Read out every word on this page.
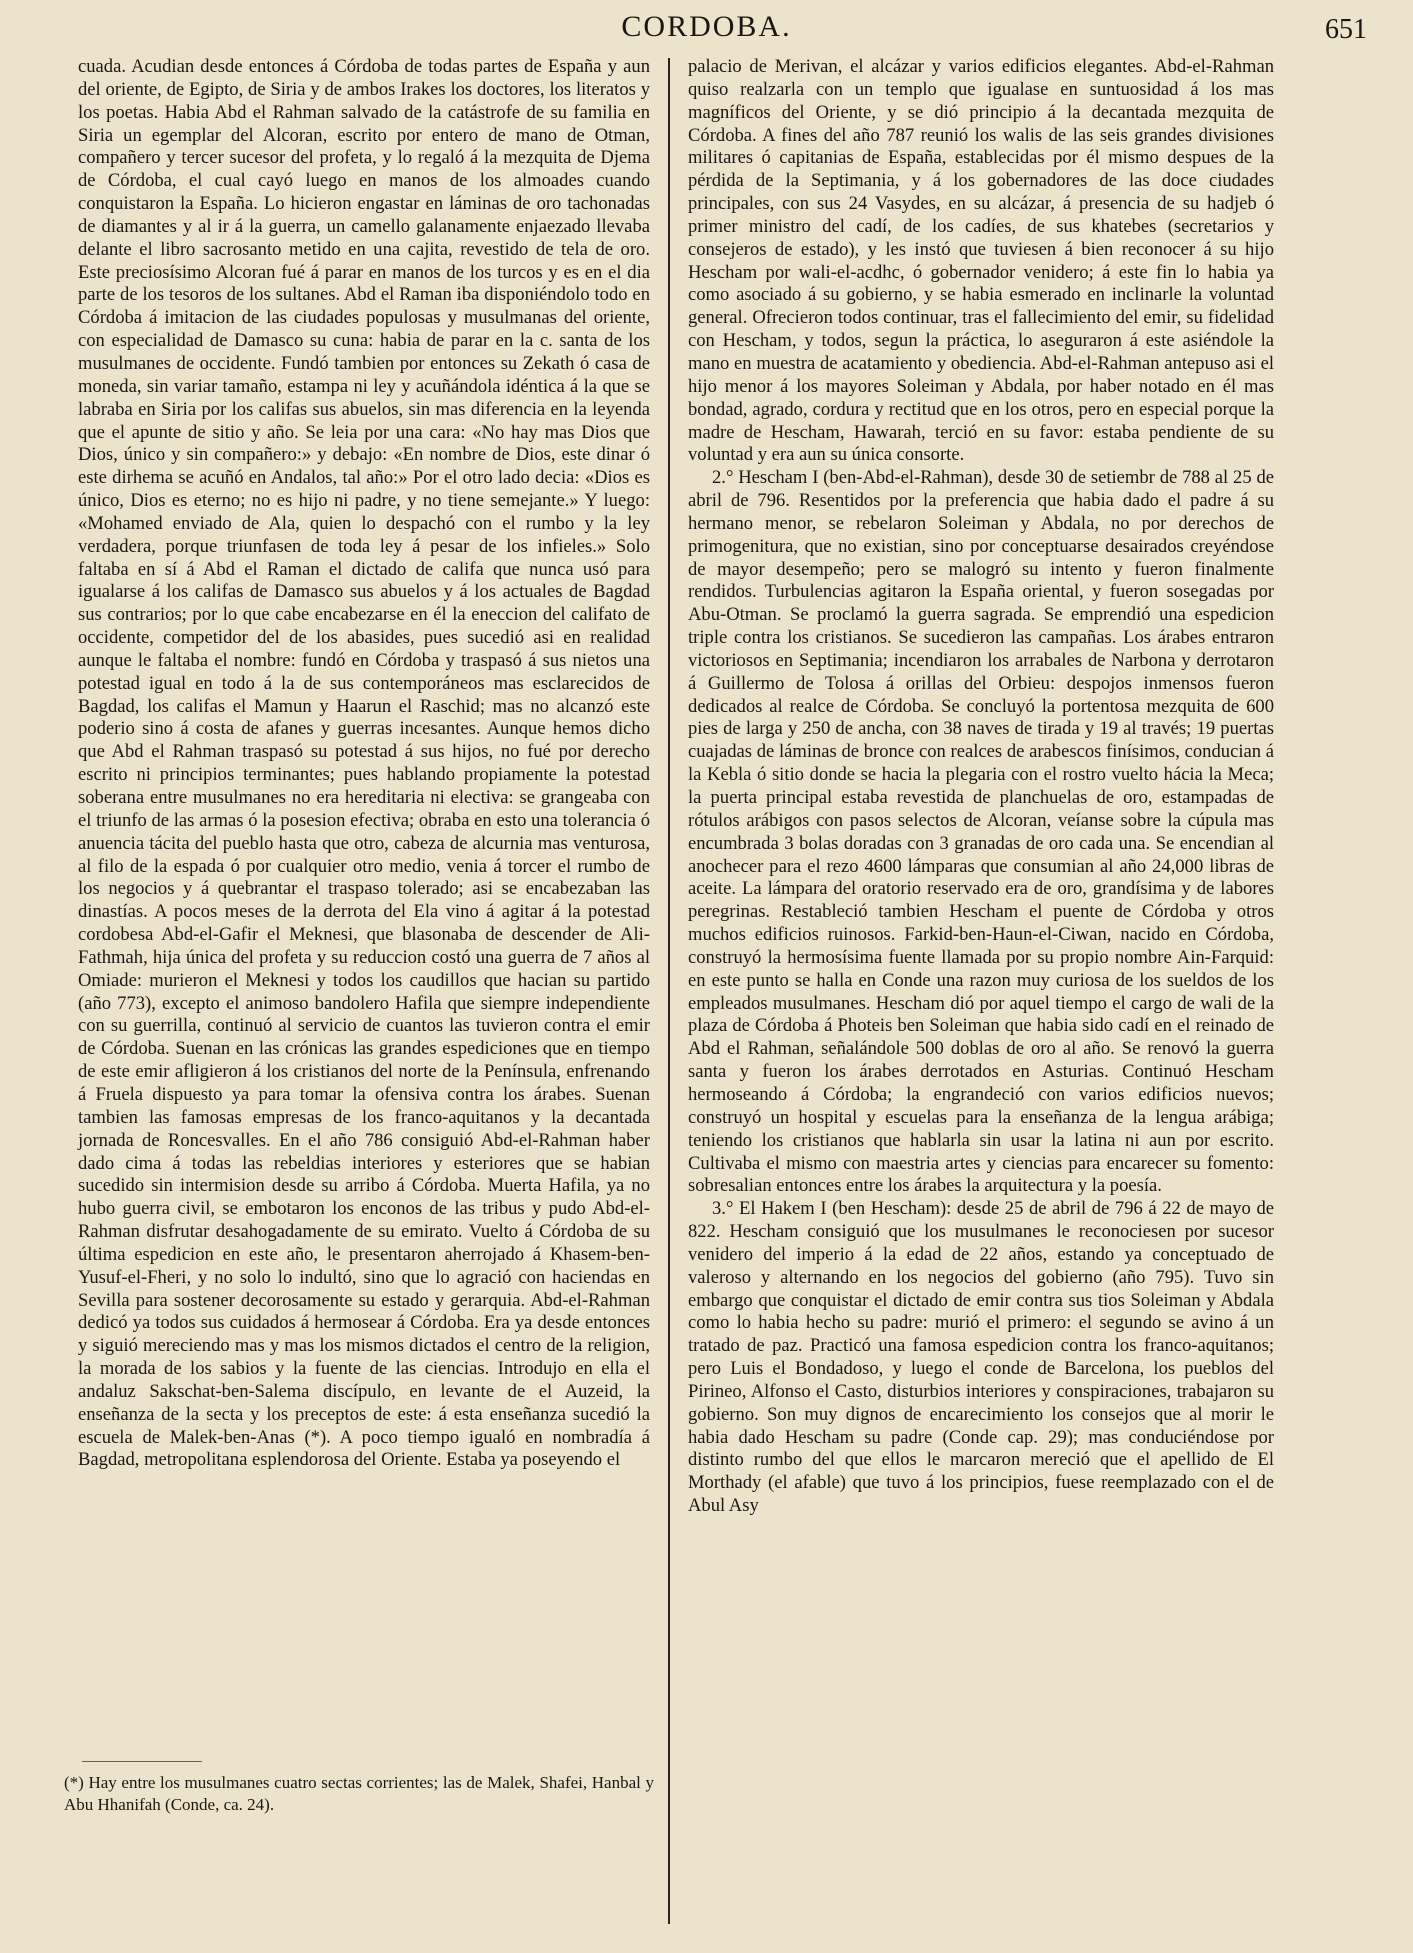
CORDOBA.	651

cuada. Acudian desde entonces á Córdoba de todas partes de España y aun del oriente, de Egipto, de Siria y de ambos Irakes los doctores, los literatos y los poetas. Habia Abd el Rahman salvado de la catástrofe de su familia en Siria un egemplar del Alcoran, escrito por entero de mano de Otman, compañero y tercer sucesor del profeta, y lo regaló á la mezquita de Djema de Córdoba, el cual cayó luego en manos de los almoades cuando conquistaron la España. Lo hicieron engastar en láminas de oro tachonadas de diamantes y al ir á la guerra, un camello galanamente enjaezado llevaba delante el libro sacrosanto metido en una cajita, revestido de tela de oro. Este preciosísimo Alcoran fué á parar en manos de los turcos y es en el dia parte de los tesoros de los sultanes. Abd el Raman iba disponiéndolo todo en Córdoba á imitacion de las ciudades populosas y musulmanas del oriente, con especialidad de Damasco su cuna: habia de parar en la c. santa de los musulmanes de occidente. Fundó tambien por entonces su Zekath ó casa de moneda, sin variar tamaño, estampa ni ley y acuñándola idéntica á la que se labraba en Siria por los califas sus abuelos, sin mas diferencia en la leyenda que el apunte de sitio y año. Se leia por una cara: «No hay mas Dios que Dios, único y sin compañero:» y debajo: «En nombre de Dios, este dinar ó este dirhema se acuñó en Andalos, tal año:» Por el otro lado decia: «Dios es único, Dios es eterno; no es hijo ni padre, y no tiene semejante.» Y luego: «Mohamed enviado de Ala, quien lo despachó con el rumbo y la ley verdadera, porque triunfasen de toda ley á pesar de los infieles.» Solo faltaba en sí á Abd el Raman el dictado de califa que nunca usó para igualarse á los califas de Damasco sus abuelos y á los actuales de Bagdad sus contrarios; por lo que cabe encabezarse en él la eneccion del califato de occidente, competidor del de los abasides, pues sucedió asi en realidad aunque le faltaba el nombre: fundó en Córdoba y traspasó á sus nietos una potestad igual en todo á la de sus contemporáneos mas esclarecidos de Bagdad, los califas el Mamun y Haarun el Raschid; mas no alcanzó este poderio sino á costa de afanes y guerras incesantes. Aunque hemos dicho que Abd el Rahman traspasó su potestad á sus hijos, no fué por derecho escrito ni principios terminantes; pues hablando propiamente la potestad soberana entre musulmanes no era hereditaria ni electiva: se grangeaba con el triunfo de las armas ó la posesion efectiva; obraba en esto una tolerancia ó anuencia tácita del pueblo hasta que otro, cabeza de alcurnia mas venturosa, al filo de la espada ó por cualquier otro medio, venia á torcer el rumbo de los negocios y á quebrantar el traspaso tolerado; asi se encabezaban las dinastías. A pocos meses de la derrota del Ela vino á agitar á la potestad cordobesa Abd-el-Gafir el Meknesi, que blasonaba de descender de Ali-Fathmah, hija única del profeta y su reduccion costó una guerra de 7 años al Omiade: murieron el Meknesi y todos los caudillos que hacian su partido (año 773), excepto el animoso bandolero Hafila que siempre independiente con su guerrilla, continuó al servicio de cuantos las tuvieron contra el emir de Córdoba. Suenan en las crónicas las grandes espediciones que en tiempo de este emir afligieron á los cristianos del norte de la Península, enfrenando á Fruela dispuesto ya para tomar la ofensiva contra los árabes. Suenan tambien las famosas empresas de los franco-aquitanos y la decantada jornada de Roncesvalles. En el año 786 consiguió Abd-el-Rahman haber dado cima á todas las rebeldias interiores y esteriores que se habian sucedido sin intermision desde su arribo á Córdoba. Muerta Hafila, ya no hubo guerra civil, se embotaron los enconos de las tribus y pudo Abd-el-Rahman disfrutar desahogadamente de su emirato. Vuelto á Córdoba de su última espedicion en este año, le presentaron aherrojado á Khasem-ben-Yusuf-el-Fheri, y no solo lo indultó, sino que lo agració con haciendas en Sevilla para sostener decorosamente su estado y gerarquia. Abd-el-Rahman dedicó ya todos sus cuidados á hermosear á Córdoba. Era ya desde entonces y siguió mereciendo mas y mas los mismos dictados el centro de la religion, la morada de los sabios y la fuente de las ciencias. Introdujo en ella el andaluz Sakschat-ben-Salema discípulo, en levante de el Auzeid, la enseñanza de la secta y los preceptos de este: á esta enseñanza sucedió la escuela de Malek-ben-Anas (*). A poco tiempo igualó en nombradía á Bagdad, metropolitana esplendorosa del Oriente. Estaba ya poseyendo el

palacio de Merivan, el alcázar y varios edificios elegantes. Abd-el-Rahman quiso realzarla con un templo que igualase en suntuosidad á los mas magníficos del Oriente, y se dió principio á la decantada mezquita de Córdoba. A fines del año 787 reunió los walis de las seis grandes divisiones militares ó capitanias de España, establecidas por él mismo despues de la pérdida de la Septimania, y á los gobernadores de las doce ciudades principales, con sus 24 Vasydes, en su alcázar, á presencia de su hadjeb ó primer ministro del cadí, de los cadíes, de sus khatebes (secretarios y consejeros de estado), y les instó que tuviesen á bien reconocer á su hijo Hescham por wali-el-acdhc, ó gobernador venidero; á este fin lo habia ya como asociado á su gobierno, y se habia esmerado en inclinarle la voluntad general. Ofrecieron todos continuar, tras el fallecimiento del emir, su fidelidad con Hescham, y todos, segun la práctica, lo aseguraron á este asiéndole la mano en muestra de acatamiento y obediencia. Abd-el-Rahman antepuso asi el hijo menor á los mayores Soleiman y Abdala, por haber notado en él mas bondad, agrado, cordura y rectitud que en los otros, pero en especial porque la madre de Hescham, Hawarah, terció en su favor: estaba pendiente de su voluntad y era aun su única consorte.

2.° Hescham I (ben-Abd-el-Rahman), desde 30 de setiembr de 788 al 25 de abril de 796. Resentidos por la preferencia que habia dado el padre á su hermano menor, se rebelaron Soleiman y Abdala, no por derechos de primogenitura, que no existian, sino por conceptuarse desairados creyéndose de mayor desempeño; pero se malogró su intento y fueron finalmente rendidos. Turbulencias agitaron la España oriental, y fueron sosegadas por Abu-Otman. Se proclamó la guerra sagrada. Se emprendió una espedicion triple contra los cristianos. Se sucedieron las campañas. Los árabes entraron victoriosos en Septimania; incendiaron los arrabales de Narbona y derrotaron á Guillermo de Tolosa á orillas del Orbieu: despojos inmensos fueron dedicados al realce de Córdoba. Se concluyó la portentosa mezquita de 600 pies de larga y 250 de ancha, con 38 naves de tirada y 19 al través; 19 puertas cuajadas de láminas de bronce con realces de arabescos finísimos, conducian á la Kebla ó sitio donde se hacia la plegaria con el rostro vuelto hácia la Meca; la puerta principal estaba revestida de planchuelas de oro, estampadas de rótulos arábigos con pasos selectos de Alcoran, veíanse sobre la cúpula mas encumbrada 3 bolas doradas con 3 granadas de oro cada una. Se encendian al anochecer para el rezo 4600 lámparas que consumian al año 24,000 libras de aceite. La lámpara del oratorio reservado era de oro, grandísima y de labores peregrinas. Restableció tambien Hescham el puente de Córdoba y otros muchos edificios ruinosos. Farkid-ben-Haun-el-Ciwan, nacido en Córdoba, construyó la hermosísima fuente llamada por su propio nombre Ain-Farquid: en este punto se halla en Conde una razon muy curiosa de los sueldos de los empleados musulmanes. Hescham dió por aquel tiempo el cargo de wali de la plaza de Córdoba á Photeis ben Soleiman que habia sido cadí en el reinado de Abd el Rahman, señalándole 500 doblas de oro al año. Se renovó la guerra santa y fueron los árabes derrotados en Asturias. Continuó Hescham hermoseando á Córdoba; la engrandeció con varios edificios nuevos; construyó un hospital y escuelas para la enseñanza de la lengua arábiga; teniendo los cristianos que hablarla sin usar la latina ni aun por escrito. Cultivaba el mismo con maestria artes y ciencias para encarecer su fomento: sobresalian entonces entre los árabes la arquitectura y la poesía.

3.° El Hakem I (ben Hescham): desde 25 de abril de 796 á 22 de mayo de 822. Hescham consiguió que los musulmanes le reconociesen por sucesor venidero del imperio á la edad de 22 años, estando ya conceptuado de valeroso y alternando en los negocios del gobierno (año 795). Tuvo sin embargo que conquistar el dictado de emir contra sus tios Soleiman y Abdala como lo habia hecho su padre: murió el primero: el segundo se avino á un tratado de paz. Practicó una famosa espedicion contra los franco-aquitanos; pero Luis el Bondadoso, y luego el conde de Barcelona, los pueblos del Pirineo, Alfonso el Casto, disturbios interiores y conspiraciones, trabajaron su gobierno. Son muy dignos de encarecimiento los consejos que al morir le habia dado Hescham su padre (Conde cap. 29); mas conduciéndose por distinto rumbo del que ellos le marcaron mereció que el apellido de El Morthady (el afable) que tuvo á los principios, fuese reemplazado con el de Abul Asy

(*) Hay entre los musulmanes cuatro sectas corrientes; las de Malek, Shafei, Hanbal y Abu Hhanifah (Conde, ca. 24).
